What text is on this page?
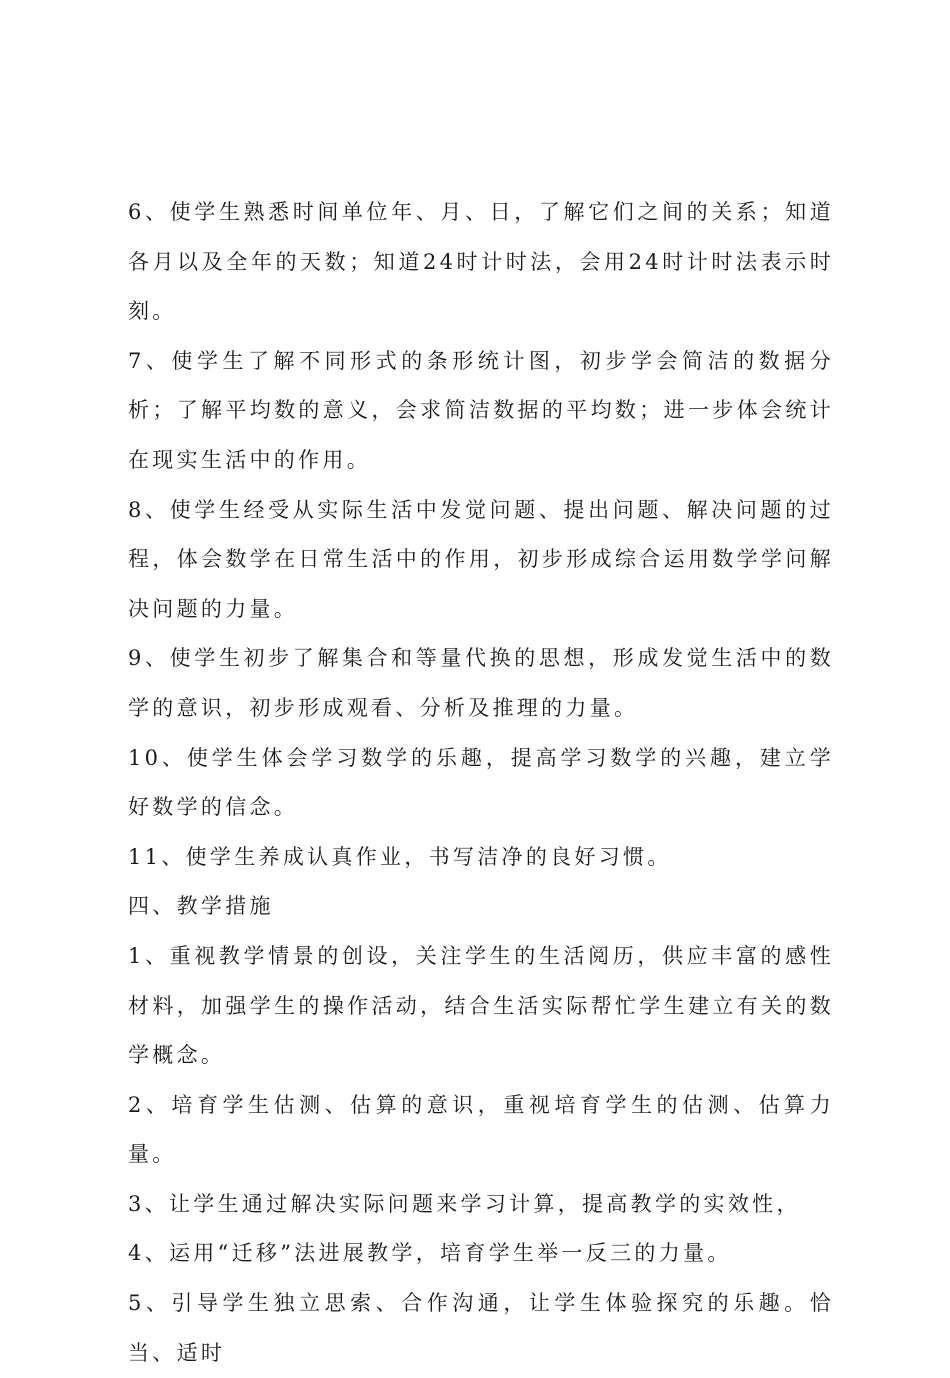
6、使学生熟悉时间单位年、月、日，了解它们之间的关系；知道各月以及全年的天数；知道24时计时法，会用24时计时法表示时刻。

7、使学生了解不同形式的条形统计图，初步学会简洁的数据分析；了解平均数的意义，会求简洁数据的平均数；进一步体会统计在现实生活中的作用。

8、使学生经受从实际生活中发觉问题、提出问题、解决问题的过程，体会数学在日常生活中的作用，初步形成综合运用数学学问解决问题的力量。

9、使学生初步了解集合和等量代换的思想，形成发觉生活中的数学的意识，初步形成观看、分析及推理的力量。

10、使学生体会学习数学的乐趣，提高学习数学的兴趣，建立学好数学的信念。

11、使学生养成认真作业，书写洁净的良好习惯。

四、教学措施

1、重视教学情景的创设，关注学生的生活阅历，供应丰富的感性材料，加强学生的操作活动，结合生活实际帮忙学生建立有关的数学概念。

2、培育学生估测、估算的意识，重视培育学生的估测、估算力量。

3、让学生通过解决实际问题来学习计算，提高教学的实效性，

4、运用“迁移”法进展教学，培育学生举一反三的力量。

5、引导学生独立思索、合作沟通，让学生体验探究的乐趣。恰当、适时
